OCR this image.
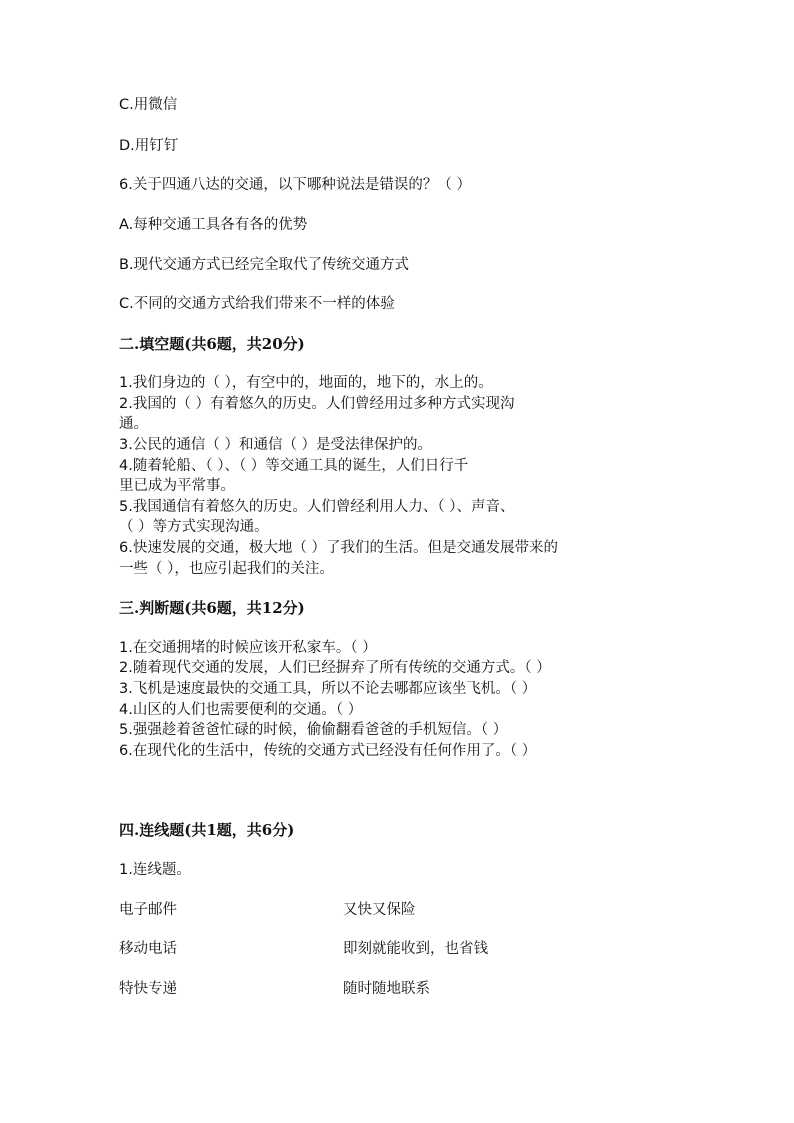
C.用微信
D.用钉钉
6.关于四通八达的交通，以下哪种说法是错误的？（ ）
A.每种交通工具各有各的优势
B.现代交通方式已经完全取代了传统交通方式
C.不同的交通方式给我们带来不一样的体验
二.填空题(共6题，共20分)
1.我们身边的（ ），有空中的，地面的，地下的，水上的。
2.我国的（ ）有着悠久的历史。人们曾经用过多种方式实现沟
通。
3.公民的通信（ ）和通信（ ）是受法律保护的。
4.随着轮船、（ ）、（ ）等交通工具的诞生，人们日行千
里已成为平常事。
5.我国通信有着悠久的历史。人们曾经利用人力、（ ）、声音、
（ ）等方式实现沟通。
6.快速发展的交通，极大地（ ）了我们的生活。但是交通发展带来的
一些（ ），也应引起我们的关注。
三.判断题(共6题，共12分)
1.在交通拥堵的时候应该开私家车。（ ）
2.随着现代交通的发展，人们已经摒弃了所有传统的交通方式。（ ）
3.飞机是速度最快的交通工具，所以不论去哪都应该坐飞机。（ ）
4.山区的人们也需要便利的交通。（ ）
5.强强趁着爸爸忙碌的时候，偷偷翻看爸爸的手机短信。（ ）
6.在现代化的生活中，传统的交通方式已经没有任何作用了。（ ）
四.连线题(共1题，共6分)
1.连线题。
电子邮件	又快又保险
移动电话	即刻就能收到，也省钱
特快专递	随时随地联系
